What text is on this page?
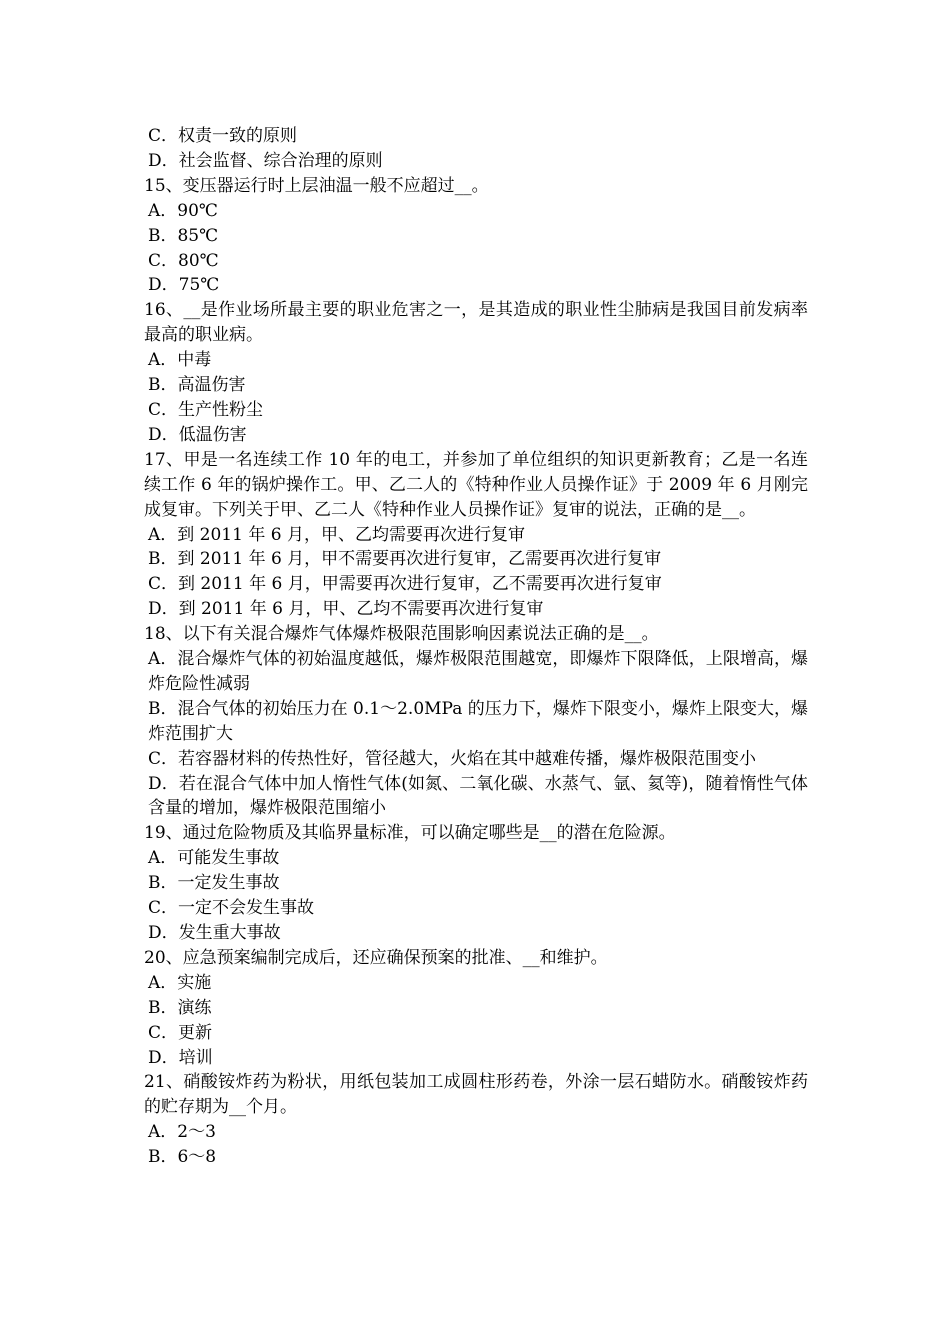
C．权责一致的原则

D．社会监督、综合治理的原则

15、变压器运行时上层油温一般不应超过__。

A．90℃

B．85℃

C．80℃

D．75℃

16、__是作业场所最主要的职业危害之一，是其造成的职业性尘肺病是我国目前发病率最高的职业病。

A．中毒

B．高温伤害

C．生产性粉尘

D．低温伤害

17、甲是一名连续工作 10 年的电工，并参加了单位组织的知识更新教育；乙是一名连续工作 6 年的锅炉操作工。甲、乙二人的《特种作业人员操作证》于 2009 年 6 月刚完成复审。下列关于甲、乙二人《特种作业人员操作证》复审的说法，正确的是__。

A．到 2011 年 6 月，甲、乙均需要再次进行复审

B．到 2011 年 6 月，甲不需要再次进行复审，乙需要再次进行复审

C．到 2011 年 6 月，甲需要再次进行复审，乙不需要再次进行复审

D．到 2011 年 6 月，甲、乙均不需要再次进行复审

18、以下有关混合爆炸气体爆炸极限范围影响因素说法正确的是__。

A．混合爆炸气体的初始温度越低，爆炸极限范围越宽，即爆炸下限降低，上限增高，爆炸危险性减弱

B．混合气体的初始压力在 0.1～2.0MPa 的压力下，爆炸下限变小，爆炸上限变大，爆炸范围扩大

C．若容器材料的传热性好，管径越大，火焰在其中越难传播，爆炸极限范围变小

D．若在混合气体中加人惰性气体(如氮、二氧化碳、水蒸气、氩、氦等)，随着惰性气体含量的增加，爆炸极限范围缩小

19、通过危险物质及其临界量标准，可以确定哪些是__的潜在危险源。

A．可能发生事故

B．一定发生事故

C．一定不会发生事故

D．发生重大事故

20、应急预案编制完成后，还应确保预案的批准、__和维护。

A．实施

B．演练

C．更新

D．培训

21、硝酸铵炸药为粉状，用纸包装加工成圆柱形药卷，外涂一层石蜡防水。硝酸铵炸药的贮存期为__个月。

A．2～3

B．6～8
